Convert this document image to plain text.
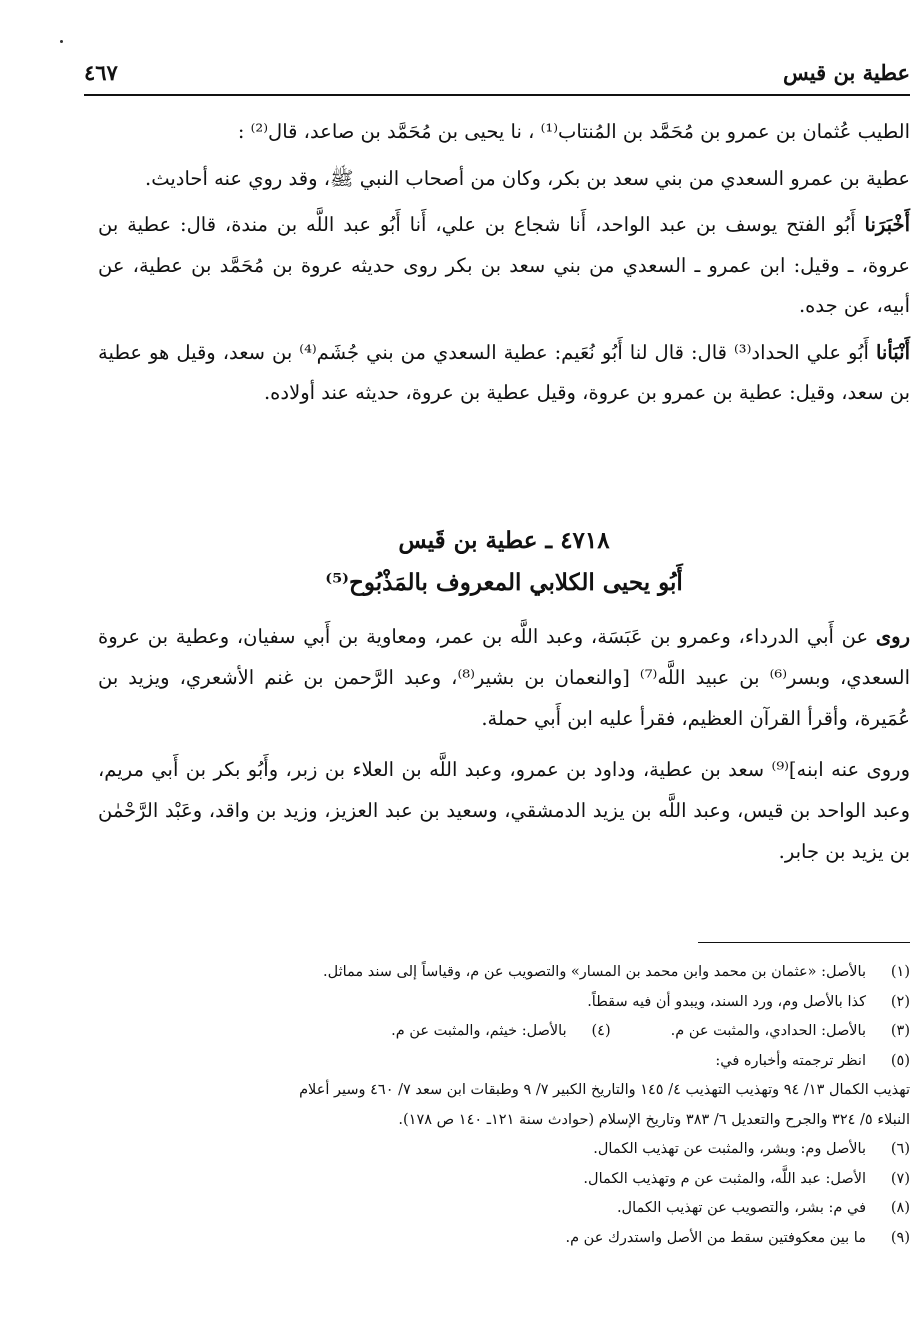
عطية بن قيس
٤٦٧

الطيب عُثمان بن عمرو بن مُحَمَّد بن المُنتاب⁽¹⁾ ، نا يحيى بن مُحَمَّد بن صاعد، قال⁽²⁾ :

عطية بن عمرو السعدي من بني سعد بن بكر، وكان من أصحاب النبي ﷺ، وقد روي عنه أحاديث.

أَخْبَرَنا أَبُو الفتح يوسف بن عبد الواحد، أَنا شجاع بن علي، أَنا أَبُو عبد اللَّه بن مندة، قال: عطية بن عروة، ـ وقيل: ابن عمرو ـ السعدي من بني سعد بن بكر روى حديثه عروة بن مُحَمَّد بن عطية، عن أبيه، عن جده.

أَنْبَأنا أَبُو علي الحداد⁽³⁾ قال: قال لنا أَبُو نُعَيم: عطية السعدي من بني جُشَم⁽⁴⁾ بن سعد، وقيل هو عطية بن سعد، وقيل: عطية بن عمرو بن عروة، وقيل عطية بن عروة، حديثه عند أولاده.

٤٧١٨ ـ عطية بن قَيس
أَبُو يحيى الكلابي المعروف بالمَذْبُوح⁽⁵⁾

روى عن أَبي الدرداء، وعمرو بن عَبَسَة، وعبد اللَّه بن عمر، ومعاوية بن أَبي سفيان، وعطية بن عروة السعدي، وبسر⁽⁶⁾ بن عبيد اللَّه⁽⁷⁾ [والنعمان بن بشير⁽⁸⁾، وعبد الرَّحمن بن غنم الأشعري، ويزيد بن عُمَيرة، وأقرأ القرآن العظيم، فقرأ عليه ابن أَبي حملة.

وروى عنه ابنه]⁽⁹⁾ سعد بن عطية، وداود بن عمرو، وعبد اللَّه بن العلاء بن زبر، وأَبُو بكر بن أَبي مريم، وعبد الواحد بن قيس، وعبد اللَّه بن يزيد الدمشقي، وسعيد بن عبد العزيز، وزيد بن واقد، وعَبْد الرَّحْمٰن بن يزيد بن جابر.

(١)
بالأصل: «عثمان بن محمد وابن محمد بن المسار» والتصويب عن م، وقياساً إلى سند مماثل.
(٢)
كذا بالأصل وم، ورد السند، ويبدو أن فيه سقطاً.
(٣)
بالأصل: الحدادي، والمثبت عن م.
(٤)
بالأصل: خيثم، والمثبت عن م.
(٥)
انظر ترجمته وأخباره في:
تهذيب الكمال ١٣/ ٩٤ وتهذيب التهذيب ٤/ ١٤٥ والتاريخ الكبير ٧/ ٩ وطبقات ابن سعد ٧/ ٤٦٠ وسير أعلام
النبلاء ٥/ ٣٢٤ والجرح والتعديل ٦/ ٣٨٣ وتاريخ الإسلام (حوادث سنة ١٢١ـ ١٤٠ ص ١٧٨).
(٦)
بالأصل وم: وبشر، والمثبت عن تهذيب الكمال.
(٧)
الأصل: عبد اللَّه، والمثبت عن م وتهذيب الكمال.
(٨)
في م: بشر، والتصويب عن تهذيب الكمال.
(٩)
ما بين معكوفتين سقط من الأصل واستدرك عن م.
